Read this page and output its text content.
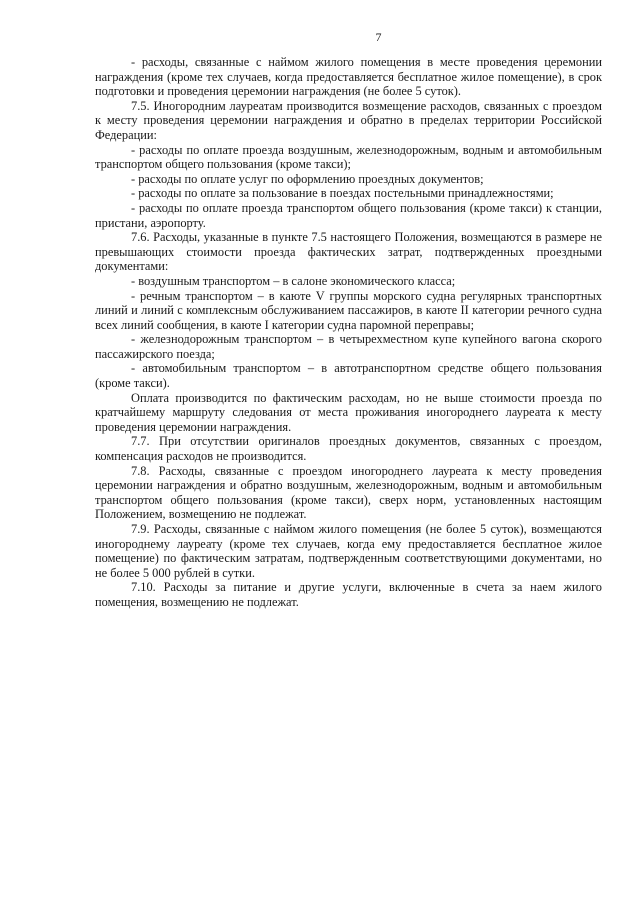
7

- расходы, связанные с наймом жилого помещения в месте проведения церемонии награждения (кроме тех случаев, когда предоставляется бесплатное жилое помещение), в срок подготовки и проведения церемонии награждения (не более 5 суток).

7.5. Иногородним лауреатам производится возмещение расходов, связанных с проездом к месту проведения церемонии награждения и обратно в пределах территории Российской Федерации:

- расходы по оплате проезда воздушным, железнодорожным, водным и автомобильным транспортом общего пользования (кроме такси);

- расходы по оплате услуг по оформлению проездных документов;

- расходы по оплате за пользование в поездах постельными принадлежностями;

- расходы по оплате проезда транспортом общего пользования (кроме такси) к станции, пристани, аэропорту.

7.6. Расходы, указанные в пункте 7.5 настоящего Положения, возмещаются в размере не превышающих стоимости проезда фактических затрат, подтвержденных проездными документами:

- воздушным транспортом – в салоне экономического класса;

- речным транспортом – в каюте V группы морского судна регулярных транспортных линий и линий с комплексным обслуживанием пассажиров, в каюте II категории речного судна всех линий сообщения, в каюте I категории судна паромной переправы;

- железнодорожным транспортом – в четырехместном купе купейного вагона скорого пассажирского поезда;

- автомобильным транспортом – в автотранспортном средстве общего пользования (кроме такси).

Оплата производится по фактическим расходам, но не выше стоимости проезда по кратчайшему маршруту следования от места проживания иногороднего лауреата к месту проведения церемонии награждения.

7.7. При отсутствии оригиналов проездных документов, связанных с проездом, компенсация расходов не производится.

7.8. Расходы, связанные с проездом иногороднего лауреата к месту проведения церемонии награждения и обратно воздушным, железнодорожным, водным и автомобильным транспортом общего пользования (кроме такси), сверх норм, установленных настоящим Положением, возмещению не подлежат.

7.9. Расходы, связанные с наймом жилого помещения (не более 5 суток), возмещаются иногороднему лауреату (кроме тех случаев, когда ему предоставляется бесплатное жилое помещение) по фактическим затратам, подтвержденным соответствующими документами, но не более 5 000 рублей в сутки.

7.10. Расходы за питание и другие услуги, включенные в счета за наем жилого помещения, возмещению не подлежат.
